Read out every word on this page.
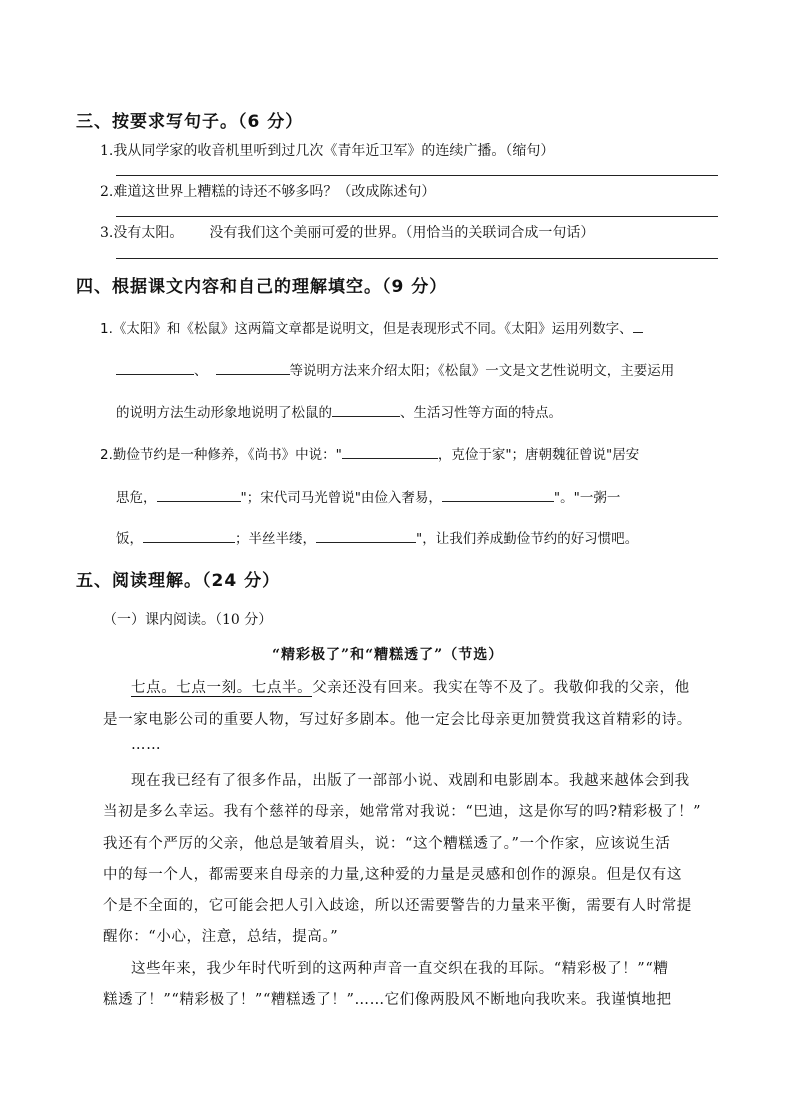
三、按要求写句子。（6 分）
1.我从同学家的收音机里听到过几次《青年近卫军》的连续广播。（缩句）
2.难道这世界上糟糕的诗还不够多吗？（改成陈述句）
3.没有太阳。 没有我们这个美丽可爱的世界。（用恰当的关联词合成一句话）
四、根据课文内容和自己的理解填空。（9 分）
1.《太阳》和《松鼠》这两篇文章都是说明文，但是表现形式不同。《太阳》运用列数字、
、	等说明方法来介绍太阳；《松鼠》一文是文艺性说明文，主要运用
的说明方法生动形象地说明了松鼠的	、生活习性等方面的特点。
2.勤俭节约是一种修养，《尚书》中说："	，克俭于家"；唐朝魏征曾说"居安
思危，	"；宋代司马光曾说"由俭入奢易，	"。"一粥一
饭，	；半丝半缕，	"，让我们养成勤俭节约的好习惯吧。
五、阅读理解。（24 分）
（一）课内阅读。（10 分）
“精彩极了”和“糟糕透了”（节选）
七点。七点一刻。七点半。父亲还没有回来。我实在等不及了。我敬仰我的父亲，他
是一家电影公司的重要人物，写过好多剧本。他一定会比母亲更加赞赏我这首精彩的诗。
……
现在我已经有了很多作品，出版了一部部小说、戏剧和电影剧本。我越来越体会到我
当初是多么幸运。我有个慈祥的母亲，她常常对我说：“巴迪，这是你写的吗?精彩极了！”
我还有个严厉的父亲，他总是皱着眉头，说：“这个糟糕透了。”一个作家，应该说生活
中的每一个人，都需要来自母亲的力量,这种爱的力量是灵感和创作的源泉。但是仅有这
个是不全面的，它可能会把人引入歧途，所以还需要警告的力量来平衡，需要有人时常提
醒你：“小心，注意，总结，提高。”
这些年来，我少年时代听到的这两种声音一直交织在我的耳际。“精彩极了！”“糟
糕透了！”“精彩极了！”“糟糕透了！”……它们像两股风不断地向我吹来。我谨慎地把
